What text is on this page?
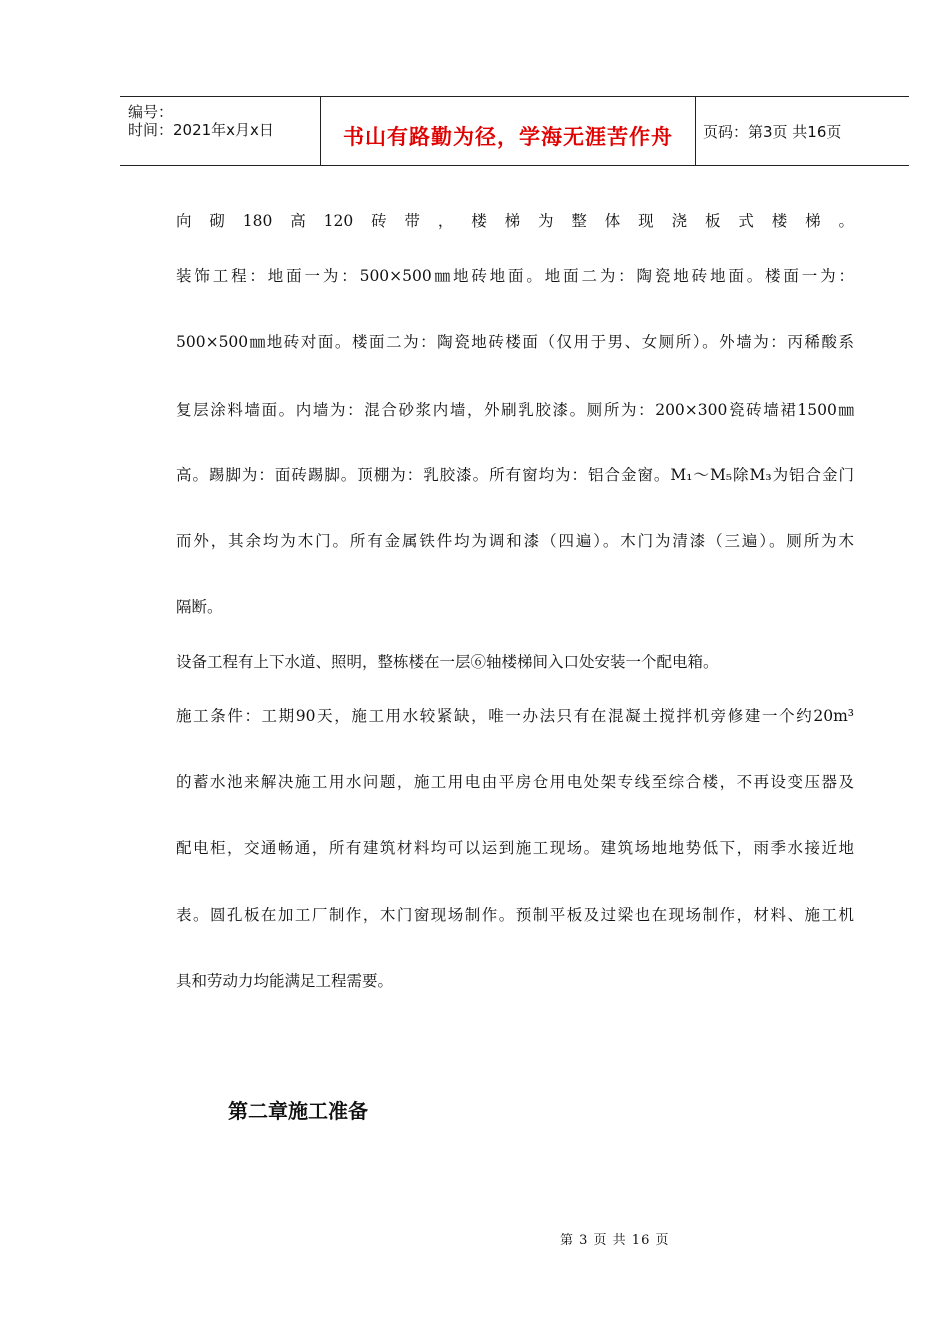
编号：
时间：2021年x月x日	书山有路勤为径，学海无涯苦作舟	页码：第3页 共16页

向砌180高120砖带，楼梯为整体现浇板式楼梯。

装饰工程：地面一为：500×500㎜地砖地面。地面二为：陶瓷地砖地面。楼面一为：

500×500㎜地砖对面。楼面二为：陶瓷地砖楼面（仅用于男、女厕所）。外墙为：丙稀酸系

复层涂料墙面。内墙为：混合砂浆内墙，外刷乳胶漆。厕所为：200×300瓷砖墙裙1500㎜

高。踢脚为：面砖踢脚。顶棚为：乳胶漆。所有窗均为：铝合金窗。M₁～M₅除M₃为铝合金门

而外，其余均为木门。所有金属铁件均为调和漆（四遍）。木门为清漆（三遍）。厕所为木

隔断。

设备工程有上下水道、照明，整栋楼在一层⑥轴楼梯间入口处安装一个配电箱。

施工条件：工期90天，施工用水较紧缺，唯一办法只有在混凝土搅拌机旁修建一个约20m³

的蓄水池来解决施工用水问题，施工用电由平房仓用电处架专线至综合楼，不再设变压器及

配电柜，交通畅通，所有建筑材料均可以运到施工现场。建筑场地地势低下，雨季水接近地

表。圆孔板在加工厂制作，木门窗现场制作。预制平板及过梁也在现场制作，材料、施工机

具和劳动力均能满足工程需要。

第二章施工准备
第 3 页 共 16 页
